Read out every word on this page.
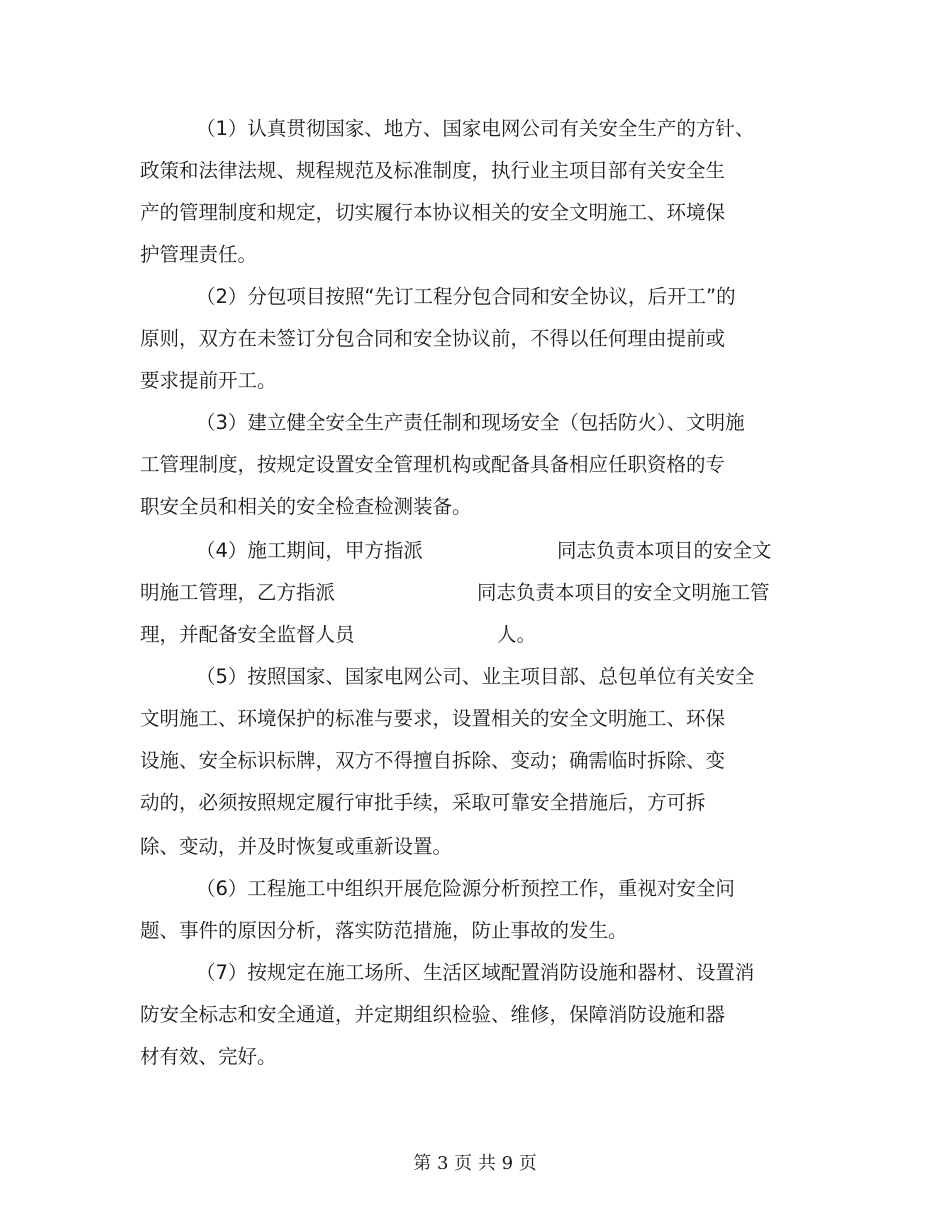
（1）认真贯彻国家、地方、国家电网公司有关安全生产的方针、
政策和法律法规、规程规范及标准制度，执行业主项目部有关安全生
产的管理制度和规定，切实履行本协议相关的安全文明施工、环境保
护管理责任。
（2）分包项目按照“先订工程分包合同和安全协议，后开工”的
原则，双方在未签订分包合同和安全协议前，不得以任何理由提前或
要求提前开工。
（3）建立健全安全生产责任制和现场安全（包括防火）、文明施
工管理制度，按规定设置安全管理机构或配备具备相应任职资格的专
职安全员和相关的安全检查检测装备。
（4）施工期间，甲方指派	同志负责本项目的安全文
明施工管理，乙方指派	同志负责本项目的安全文明施工管
理，并配备安全监督人员	人。
（5）按照国家、国家电网公司、业主项目部、总包单位有关安全
文明施工、环境保护的标准与要求，设置相关的安全文明施工、环保
设施、安全标识标牌，双方不得擅自拆除、变动；确需临时拆除、变
动的，必须按照规定履行审批手续，采取可靠安全措施后，方可拆
除、变动，并及时恢复或重新设置。
（6）工程施工中组织开展危险源分析预控工作，重视对安全问
题、事件的原因分析，落实防范措施，防止事故的发生。
（7）按规定在施工场所、生活区域配置消防设施和器材、设置消
防安全标志和安全通道，并定期组织检验、维修，保障消防设施和器
材有效、完好。
第 3 页 共 9 页
